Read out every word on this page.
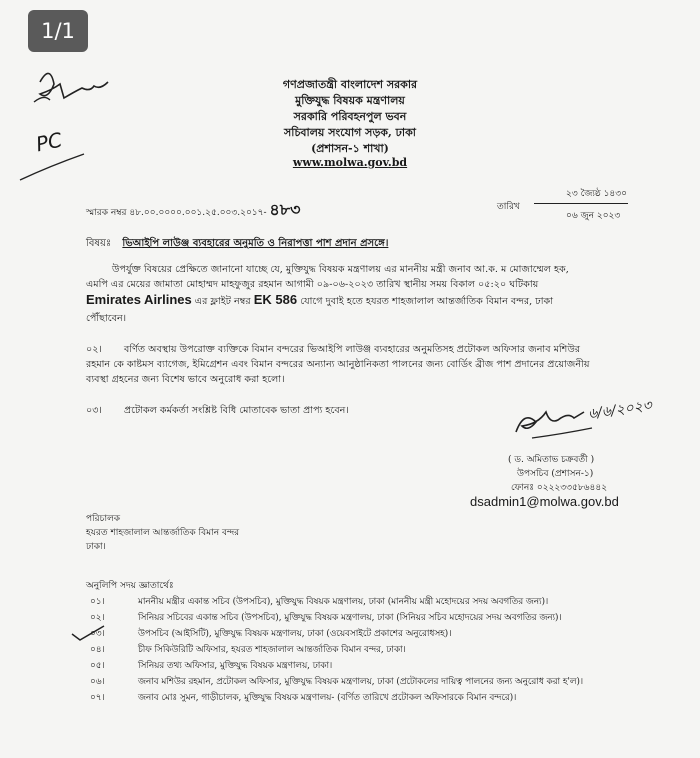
1/1
PC
গণপ্রজাতন্ত্রী বাংলাদেশ সরকার
মুক্তিযুদ্ধ বিষয়ক মন্ত্রণালয়
সরকারি পরিবহনপুল ভবন
সচিবালয় সংযোগ সড়ক, ঢাকা
(প্রশাসন-১ শাখা)
www.molwa.gov.bd
স্মারক নম্বর ৪৮.০০.০০০০.০০১.২৫.০০৩.২০১৭- ৪৮৩	তারিখ
২৩ জ্যৈষ্ঠ ১৪৩০
০৬ জুন ২০২৩
বিষয়ঃ ভিআইপি লাউঞ্জ ব্যবহারের অনুমতি ও নিরাপত্তা পাশ প্রদান প্রসঙ্গে।
উপর্যুক্ত বিষয়ের প্রেক্ষিতে জানানো যাচ্ছে যে, মুক্তিযুদ্ধ বিষয়ক মন্ত্রণালয় এর মাননীয় মন্ত্রী জনাব আ.ক. ম মোজাম্মেল হক,
এমপি এর মেয়ের জামাতা মোহাম্মদ মাহফুজুর রহমান আগামী ০৯-০৬-২০২৩ তারিখ স্থানীয় সময় বিকাল ০৫:২০ ঘটিকায়
Emirates Airlines এর ফ্লাইট নম্বর EK 586 যোগে দুবাই হতে হযরত শাহজালাল আন্তর্জাতিক বিমান বন্দর, ঢাকা
পৌঁছাবেন।
০২। বর্ণিত অবস্থায় উপরোক্ত ব্যক্তিকে বিমান বন্দরের ভিআইপি লাউঞ্জ ব্যবহারের অনুমতিসহ প্রটোকল অফিসার জনাব মশিউর
রহমান কে কাষ্টমস ব্যাগেজ, ইমিগ্রেশন এবং বিমান বন্দরের অন্যান্য আনুষ্ঠানিকতা পালনের জন্য বোর্ডিং ব্রীজ পাশ প্রদানের প্রয়োজনীয়
ব্যবস্থা গ্রহনের জন্য বিশেষ ভাবে অনুরোধ করা হলো।
০৩। প্রটোকল কর্মকর্তা সংশ্লিষ্ট বিধি মোতাবেক ভাতা প্রাপ্য হবেন।	৬/৬/২০২৩
( ড. অমিতাভ চক্রবর্তী )
উপসচিব (প্রশাসন-১)
ফোনঃ ০২২২৩৩৫৮৬৪৪২
dsadmin1@molwa.gov.bd
পরিচালক
হযরত শাহজালাল আন্তর্জাতিক বিমান বন্দর
ঢাকা।
অনুলিপি সদয় জ্ঞাতার্থেঃ
০১।	মাননীয় মন্ত্রীর একান্ত সচিব (উপসচিব), মুক্তিযুদ্ধ বিষয়ক মন্ত্রণালয়, ঢাকা (মাননীয় মন্ত্রী মহোদয়ের সদয় অবগতির জন্য)।
০২।	সিনিয়র সচিবের একান্ত সচিব (উপসচিব), মুক্তিযুদ্ধ বিষয়ক মন্ত্রণালয়, ঢাকা (সিনিয়র সচিব মহোদয়ের সদয় অবগতির জন্য)।
০৩।	উপসচিব (আইসিটি), মুক্তিযুদ্ধ বিষয়ক মন্ত্রণালয়, ঢাকা (ওয়েবসাইটে প্রকাশের অনুরোধসহ)।
০৪।	চীফ সিকিউরিটি অফিসার, হযরত শাহজালাল আন্তর্জাতিক বিমান বন্দর, ঢাকা।
০৫।	সিনিয়র তথ্য অফিসার, মুক্তিযুদ্ধ বিষয়ক মন্ত্রণালয়, ঢাকা।
০৬।	জনাব মশিউর রহমান, প্রটোকল অফিসার, মুক্তিযুদ্ধ বিষয়ক মন্ত্রণালয়, ঢাকা (প্রটোকলের দায়িত্ব পালনের জন্য অনুরোধ করা হ'ল)।
০৭।	জনাব মোঃ সুমন, গাড়ীচালক, মুক্তিযুদ্ধ বিষয়ক মন্ত্রণালয়- (বর্ণিত তারিখে প্রটোকল অফিসারকে বিমান বন্দরে)।
